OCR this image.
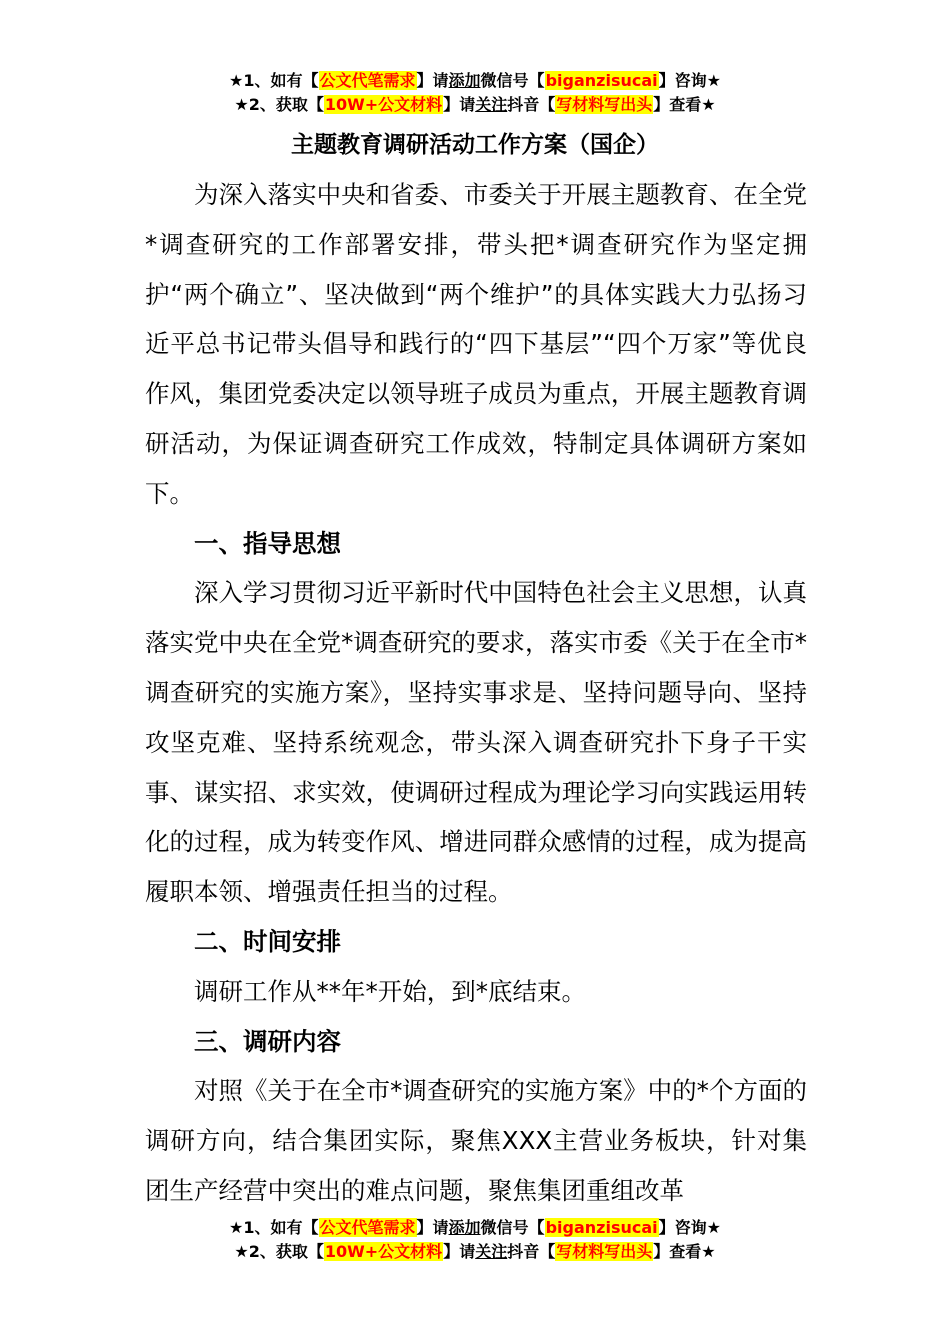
★1、如有【公文代笔需求】请添加微信号【biganzisucai】咨询★
★2、获取【10W+公文材料】请关注抖音【写材料写出头】查看★
主题教育调研活动工作方案（国企）

为深入落实中央和省委、市委关于开展主题教育、在全党*调查研究的工作部署安排，带头把*调查研究作为坚定拥护“两个确立”、坚决做到“两个维护”的具体实践大力弘扬习近平总书记带头倡导和践行的“四下基层”“四个万家”等优良作风，集团党委决定以领导班子成员为重点，开展主题教育调研活动，为保证调查研究工作成效，特制定具体调研方案如下。

一、指导思想

深入学习贯彻习近平新时代中国特色社会主义思想，认真落实党中央在全党*调查研究的要求，落实市委《关于在全市*调查研究的实施方案》，坚持实事求是、坚持问题导向、坚持攻坚克难、坚持系统观念，带头深入调查研究扑下身子干实事、谋实招、求实效，使调研过程成为理论学习向实践运用转化的过程，成为转变作风、增进同群众感情的过程，成为提高履职本领、增强责任担当的过程。

二、时间安排

调研工作从**年*开始，到*底结束。

三、调研内容

对照《关于在全市*调查研究的实施方案》中的*个方面的调研方向，结合集团实际，聚焦XXX主营业务板块，针对集团生产经营中突出的难点问题，聚焦集团重组改革

★1、如有【公文代笔需求】请添加微信号【biganzisucai】咨询★
★2、获取【10W+公文材料】请关注抖音【写材料写出头】查看★
